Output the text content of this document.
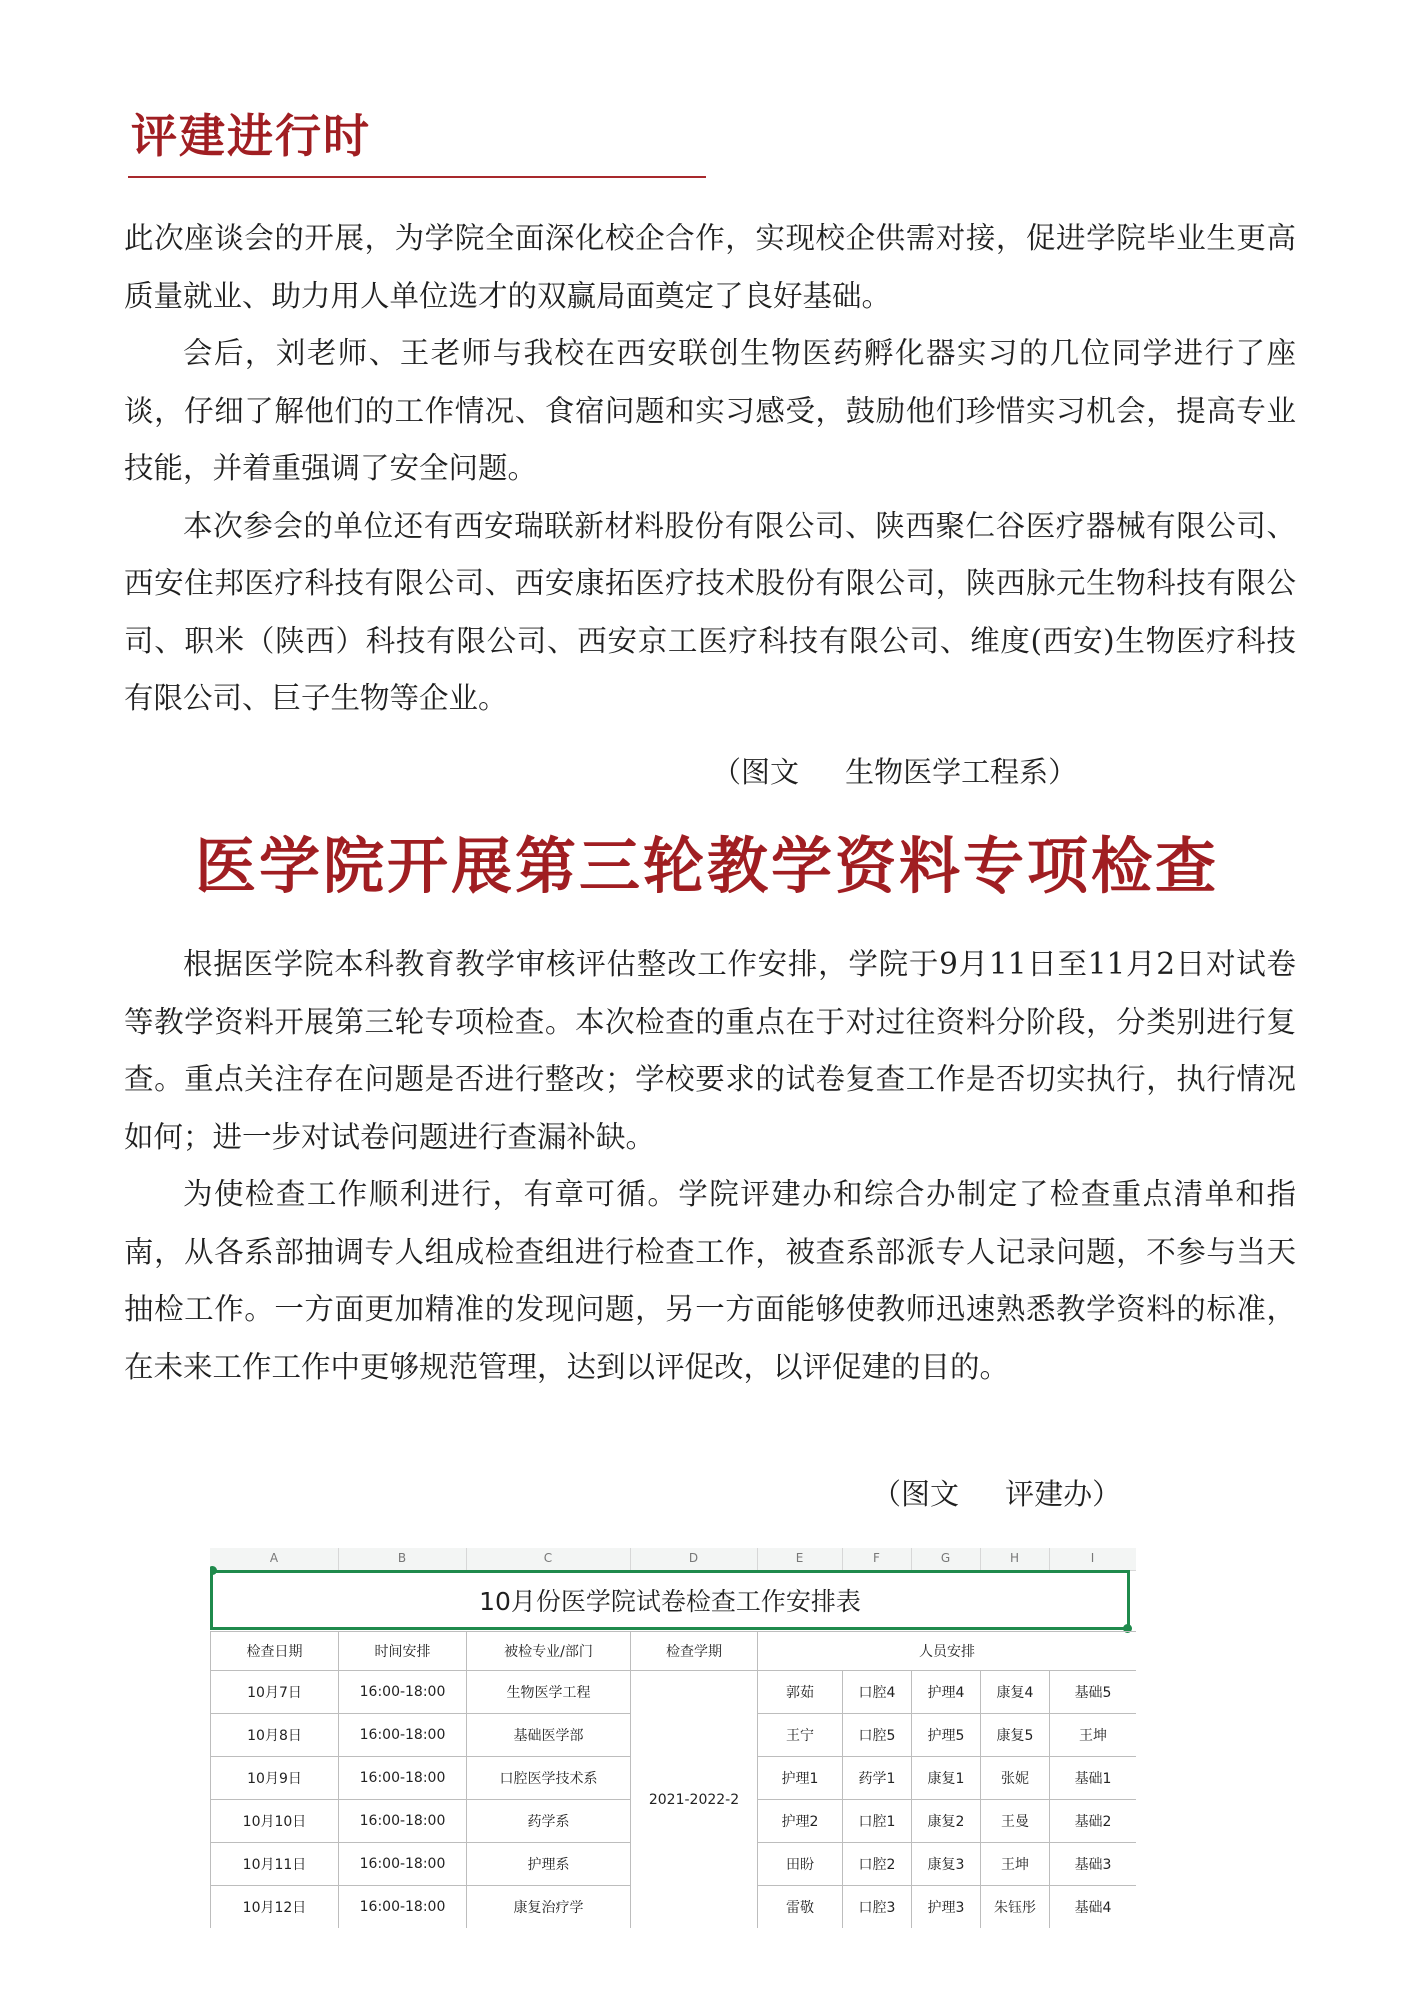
评建进行时

此次座谈会的开展，为学院全面深化校企合作，实现校企供需对接，促进学院毕业生更高质量就业、助力用人单位选才的双赢局面奠定了良好基础。

会后，刘老师、王老师与我校在西安联创生物医药孵化器实习的几位同学进行了座谈，仔细了解他们的工作情况、食宿问题和实习感受，鼓励他们珍惜实习机会，提高专业技能，并着重强调了安全问题。

本次参会的单位还有西安瑞联新材料股份有限公司、陕西聚仁谷医疗器械有限公司、西安住邦医疗科技有限公司、西安康拓医疗技术股份有限公司，陕西脉元生物科技有限公司、职米（陕西）科技有限公司、西安京工医疗科技有限公司、维度(西安)生物医疗科技有限公司、巨子生物等企业。

（图文     生物医学工程系）
医学院开展第三轮教学资料专项检查

根据医学院本科教育教学审核评估整改工作安排，学院于9月11日至11月2日对试卷等教学资料开展第三轮专项检查。本次检查的重点在于对过往资料分阶段，分类别进行复查。重点关注存在问题是否进行整改；学校要求的试卷复查工作是否切实执行，执行情况如何；进一步对试卷问题进行查漏补缺。

为使检查工作顺利进行，有章可循。学院评建办和综合办制定了检查重点清单和指南，从各系部抽调专人组成检查组进行检查工作，被查系部派专人记录问题，不参与当天抽检工作。一方面更加精准的发现问题，另一方面能够使教师迅速熟悉教学资料的标准，在未来工作工作中更够规范管理，达到以评促改，以评促建的目的。

（图文     评建办）
A	B	C	D	E	F	G	H	I
10月份医学院试卷检查工作安排表
检查日期	时间安排	被检专业/部门	检查学期	人员安排				
10月7日	16:00-18:00	生物医学工程	2021-2022-2	郭茹	口腔4	护理4	康复4	基础5
10月8日	16:00-18:00	基础医学部		王宁	口腔5	护理5	康复5	王坤
10月9日	16:00-18:00	口腔医学技术系		护理1	药学1	康复1	张妮	基础1
10月10日	16:00-18:00	药学系		护理2	口腔1	康复2	王曼	基础2
10月11日	16:00-18:00	护理系		田盼	口腔2	康复3	王坤	基础3
10月12日	16:00-18:00	康复治疗学		雷敬	口腔3	护理3	朱钰彤	基础4
